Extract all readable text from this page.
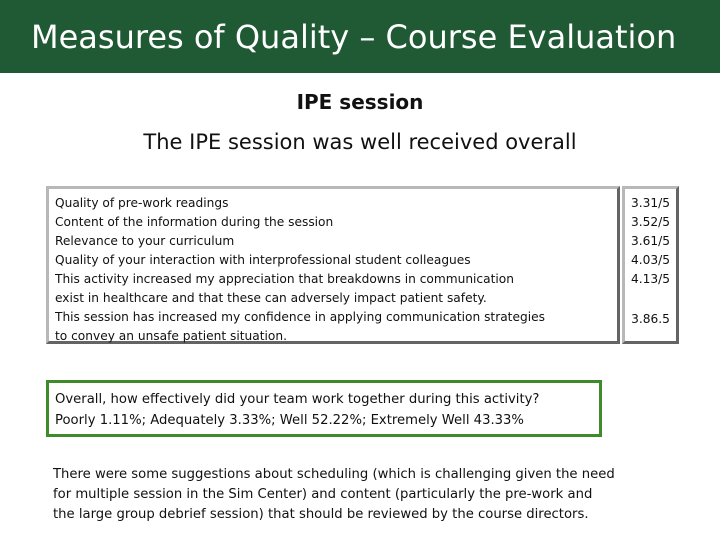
Measures of Quality – Course Evaluation
IPE session
The IPE session was well received overall
Quality of pre-work readings
Content of the information during the session
Relevance to your curriculum
Quality of your interaction with interprofessional student colleagues
This activity increased my appreciation that breakdowns in communication
exist in healthcare and that these can adversely impact patient safety.
This session has increased my confidence in applying communication strategies
to convey an unsafe patient situation.
3.31/5
3.52/5
3.61/5
4.03/5
4.13/5
3.86.5
Overall, how effectively did your team work together during this activity?
Poorly 1.11%; Adequately 3.33%; Well 52.22%; Extremely Well 43.33%
There were some suggestions about scheduling (which is challenging given the need
for multiple session in the Sim Center) and content (particularly the pre-work and
the large group debrief session) that should be reviewed by the course directors.
